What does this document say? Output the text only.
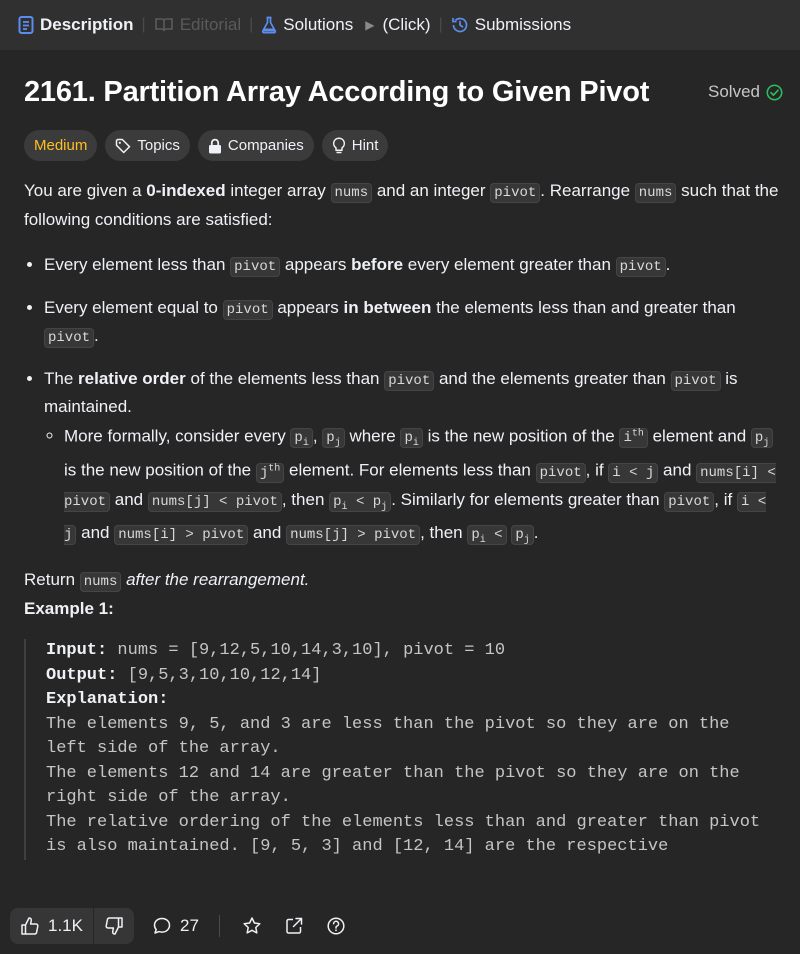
Description | Editorial | Solutions ▶ (Click) | Submissions
2161. Partition Array According to Given Pivot	Solved
Medium	Topics	Companies	Hint

You are given a 0-indexed integer array nums and an integer pivot . Rearrange nums such that the following conditions are satisfied:

• Every element less than pivot appears before every element greater than pivot .
• Every element equal to pivot appears in between the elements less than and greater than pivot .
• The relative order of the elements less than pivot and the elements greater than pivot is maintained.
◦ More formally, consider every $p_i$ , $p_j$ where $p_i$ is the new position of the $i^{th}$ element and $p_j$ is the new position of the $j^{th}$ element. For elements less than pivot , if i < j and nums[i] < pivot and nums[j] < pivot , then $p_i < p_j$ . Similarly for elements greater than pivot , if i < j and nums[i] > pivot and nums[j] > pivot , then $p_i < p_j$ .

Return nums after the rearrangement.

Example 1:

Input: nums = [9,12,5,10,14,3,10], pivot = 10
Output: [9,5,3,10,10,12,14]
Explanation:
The elements 9, 5, and 3 are less than the pivot so they are on the
left side of the array.
The elements 12 and 14 are greater than the pivot so they are on the
right side of the array.
The relative ordering of the elements less than and greater than pivot
is also maintained. [9, 5, 3] and [12, 14] are the respective
1.1K	27
